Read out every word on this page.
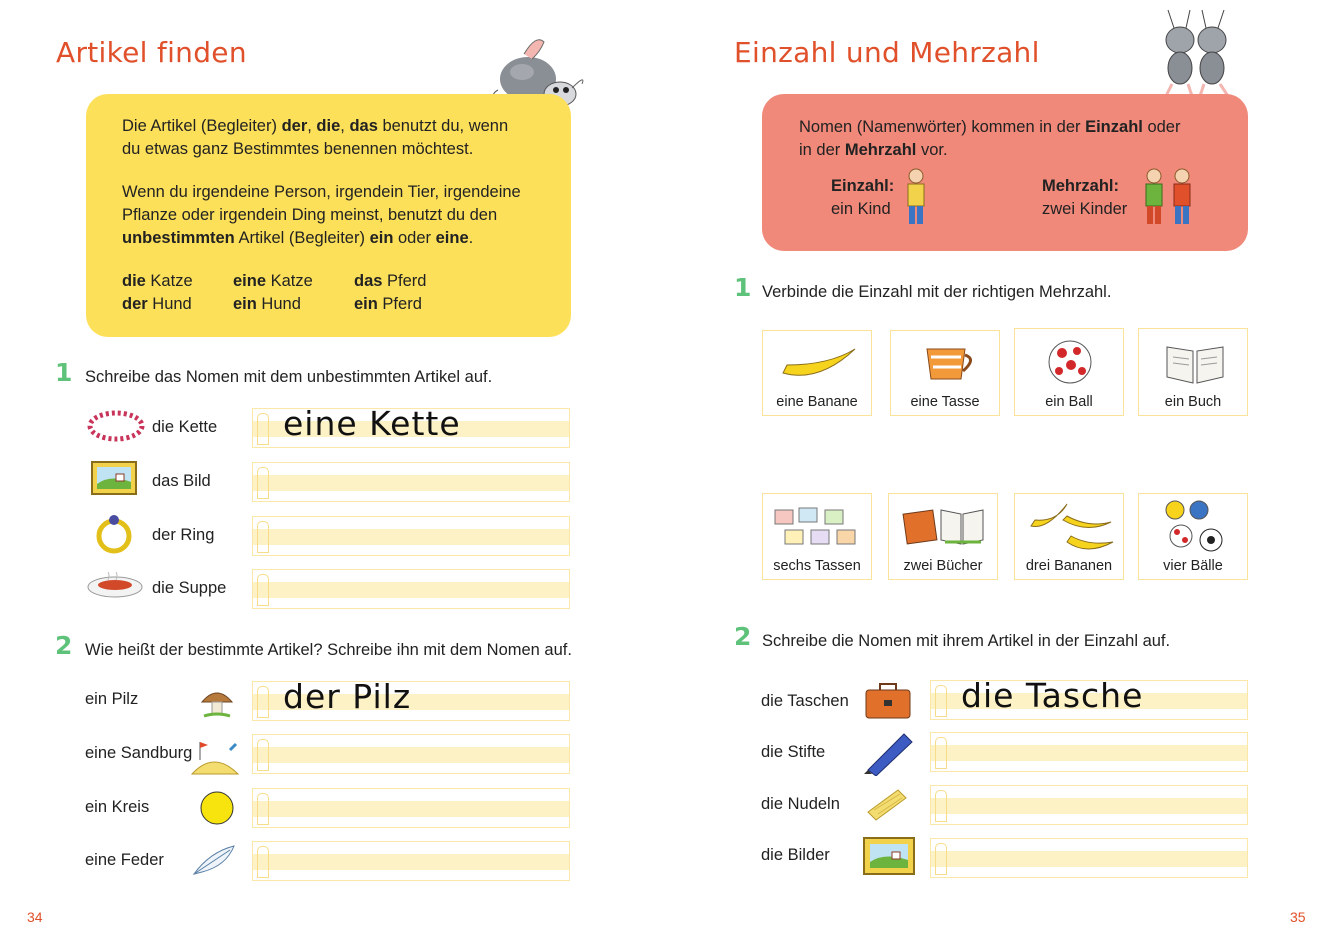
Artikel finden
Die Artikel (Begleiter) der, die, das benutzt du, wenn
du etwas ganz Bestimmtes benennen möchtest.
Wenn du irgendeine Person, irgendein Tier, irgendeine
Pflanze oder irgendein Ding meinst, benutzt du den
unbestimmten Artikel (Begleiter) ein oder eine.
die Katze eine Katze das Pferd
der Hund	ein Hund	ein Pferd
1 Schreibe das Nomen mit dem unbestimmten Artikel auf.
die Kette eine Kette
das Bild
der Ring
die Suppe
2 Wie heißt der bestimmte Artikel? Schreibe ihn mit dem Nomen auf.
ein Pilz	der Pilz
eine Sandburg
ein Kreis
eine Feder
34
Einzahl und Mehrzahl
Nomen (Namenwörter) kommen in der Einzahl oder
in der Mehrzahl vor.
Einzahl:
ein Kind
Mehrzahl:
zwei Kinder
1 Verbinde die Einzahl mit der richtigen Mehrzahl.
eine Banane	eine Tasse	ein Ball	ein Buch
sechs Tassen	zwei Bücher	drei Bananen	vier Bälle
2 Schreibe die Nomen mit ihrem Artikel in der Einzahl auf.
die Taschen	die Tasche
die Stifte
die Nudeln
die Bilder
35
